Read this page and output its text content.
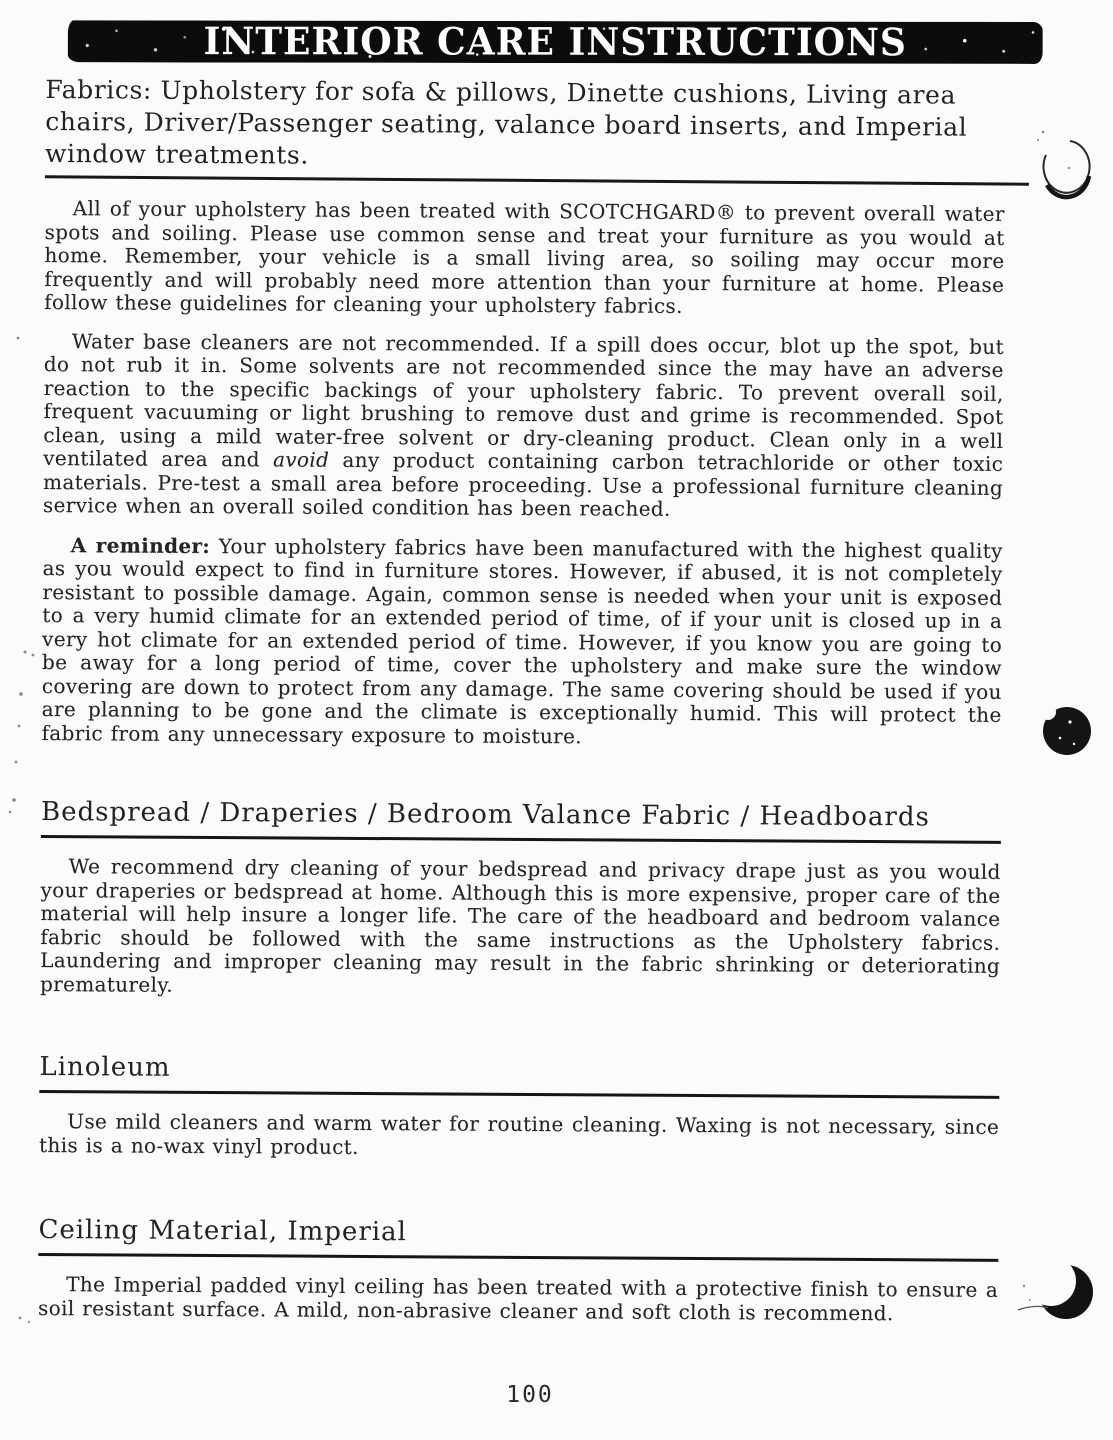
INTERIOR CARE INSTRUCTIONS
Fabrics: Upholstery for sofa & pillows, Dinette cushions, Living area chairs, Driver/Passenger seating, valance board inserts, and Imperial window treatments.

All of your upholstery has been treated with SCOTCHGARD® to prevent overall water spots and soiling. Please use common sense and treat your furniture as you would at home. Remember, your vehicle is a small living area, so soiling may occur more frequently and will probably need more attention than your furniture at home. Please follow these guidelines for cleaning your upholstery fabrics.

Water base cleaners are not recommended. If a spill does occur, blot up the spot, but do not rub it in. Some solvents are not recommended since the may have an adverse reaction to the specific backings of your upholstery fabric. To prevent overall soil, frequent vacuuming or light brushing to remove dust and grime is recommended. Spot clean, using a mild water-free solvent or dry-cleaning product. Clean only in a well ventilated area and avoid any product containing carbon tetrachloride or other toxic materials. Pre-test a small area before proceeding. Use a professional furniture cleaning service when an overall soiled condition has been reached.

A reminder: Your upholstery fabrics have been manufactured with the highest quality as you would expect to find in furniture stores. However, if abused, it is not completely resistant to possible damage. Again, common sense is needed when your unit is exposed to a very humid climate for an extended period of time, of if your unit is closed up in a very hot climate for an extended period of time. However, if you know you are going to be away for a long period of time, cover the upholstery and make sure the window covering are down to protect from any damage. The same covering should be used if you are planning to be gone and the climate is exceptionally humid. This will protect the fabric from any unnecessary exposure to moisture.

Bedspread / Draperies / Bedroom Valance Fabric / Headboards

We recommend dry cleaning of your bedspread and privacy drape just as you would your draperies or bedspread at home. Although this is more expensive, proper care of the material will help insure a longer life. The care of the headboard and bedroom valance fabric should be followed with the same instructions as the Upholstery fabrics. Laundering and improper cleaning may result in the fabric shrinking or deteriorating prematurely.

Linoleum

Use mild cleaners and warm water for routine cleaning. Waxing is not necessary, since this is a no-wax vinyl product.

Ceiling Material, Imperial

The Imperial padded vinyl ceiling has been treated with a protective finish to ensure a soil resistant surface. A mild, non-abrasive cleaner and soft cloth is recommend.

100
